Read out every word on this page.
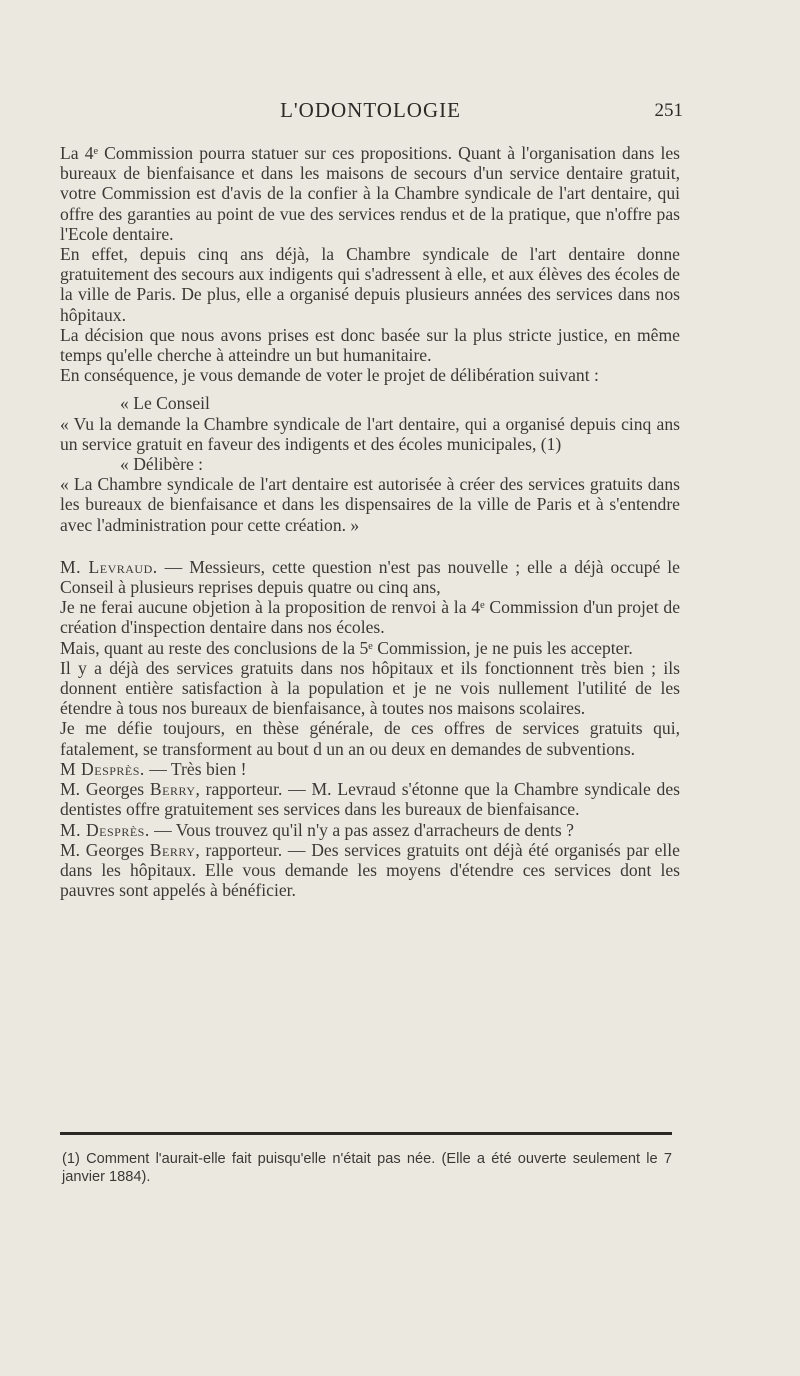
L'ODONTOLOGIE	251

La 4ᵉ Commission pourra statuer sur ces propositions. Quant à l'organisation dans les bureaux de bienfaisance et dans les maisons de secours d'un service dentaire gratuit, votre Commission est d'avis de la confier à la Chambre syndicale de l'art dentaire, qui offre des garanties au point de vue des services rendus et de la pratique, que n'offre pas l'Ecole dentaire.

En effet, depuis cinq ans déjà, la Chambre syndicale de l'art dentaire donne gratuitement des secours aux indigents qui s'adressent à elle, et aux élèves des écoles de la ville de Paris. De plus, elle a organisé depuis plusieurs années des services dans nos hôpitaux.

La décision que nous avons prises est donc basée sur la plus stricte justice, en même temps qu'elle cherche à atteindre un but humanitaire.

En conséquence, je vous demande de voter le projet de délibération suivant :

« Le Conseil

« Vu la demande la Chambre syndicale de l'art dentaire, qui a organisé depuis cinq ans un service gratuit en faveur des indigents et des écoles municipales, (1)

« Délibère :

« La Chambre syndicale de l'art dentaire est autorisée à créer des services gratuits dans les bureaux de bienfaisance et dans les dispensaires de la ville de Paris et à s'entendre avec l'administration pour cette création. »

M. Levraud. — Messieurs, cette question n'est pas nouvelle ; elle a déjà occupé le Conseil à plusieurs reprises depuis quatre ou cinq ans,

Je ne ferai aucune objetion à la proposition de renvoi à la 4ᵉ Commission d'un projet de création d'inspection dentaire dans nos écoles.

Mais, quant au reste des conclusions de la 5ᵉ Commission, je ne puis les accepter.

Il y a déjà des services gratuits dans nos hôpitaux et ils fonctionnent très bien ; ils donnent entière satisfaction à la population et je ne vois nullement l'utilité de les étendre à tous nos bureaux de bienfaisance, à toutes nos maisons scolaires.

Je me défie toujours, en thèse générale, de ces offres de services gratuits qui, fatalement, se transforment au bout d un an ou deux en demandes de subventions.

M Desprès. — Très bien !

M. Georges Berry, rapporteur. — M. Levraud s'étonne que la Chambre syndicale des dentistes offre gratuitement ses services dans les bureaux de bienfaisance.

M. Desprès. — Vous trouvez qu'il n'y a pas assez d'arracheurs de dents ?

M. Georges Berry, rapporteur. — Des services gratuits ont déjà été organisés par elle dans les hôpitaux. Elle vous demande les moyens d'étendre ces services dont les pauvres sont appelés à bénéficier.

(1) Comment l'aurait-elle fait puisqu'elle n'était pas née. (Elle a été ouverte seulement le 7 janvier 1884).
